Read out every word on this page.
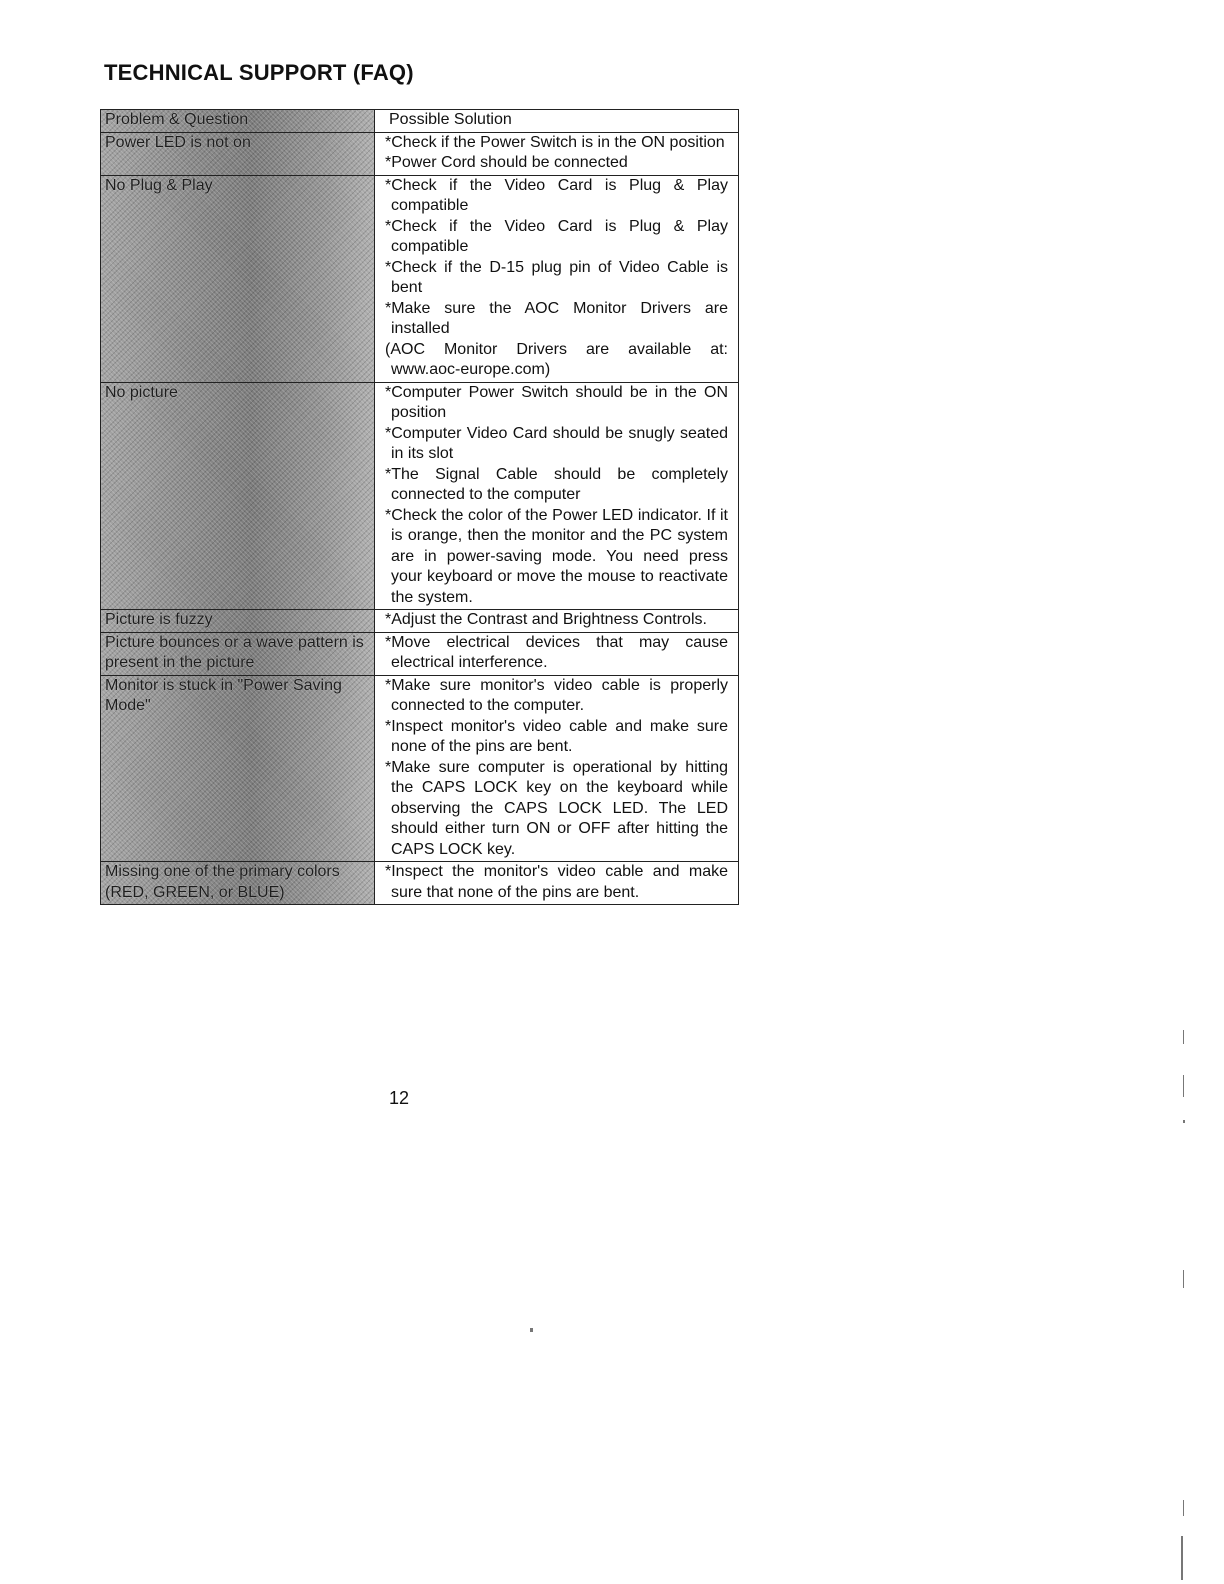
TECHNICAL SUPPORT (FAQ)
Problem & Question	Possible Solution

Power LED is not on	*Check if the Power Switch is in the ON position
*Power Cord should be connected

No Plug & Play	*Check if the Video Card is Plug & Play compatible
*Check if the Video Card is Plug & Play compatible
*Check if the D-15 plug pin of Video Cable is bent
*Make sure the AOC Monitor Drivers are installed
(AOC Monitor Drivers are available at: www.aoc-europe.com)

No picture	*Computer Power Switch should be in the ON position
*Computer Video Card should be snugly seated in its slot
*The Signal Cable should be completely connected to the computer
*Check the color of the Power LED indicator. If it is orange, then the monitor and the PC system are in power-saving mode. You need press your keyboard or move the mouse to reactivate the system.

Picture is fuzzy	*Adjust the Contrast and Brightness Controls.

Picture bounces or a wave pattern is present in the picture	*Move electrical devices that may cause electrical interference.

Monitor is stuck in "Power Saving Mode"	*Make sure monitor's video cable is properly connected to the computer.
*Inspect monitor's video cable and make sure none of the pins are bent.
*Make sure computer is operational by hitting the CAPS LOCK key on the keyboard while observing the CAPS LOCK LED. The LED should either turn ON or OFF after hitting the CAPS LOCK key.

Missing one of the primary colors (RED, GREEN, or BLUE)	*Inspect the monitor's video cable and make sure that none of the pins are bent.
12
